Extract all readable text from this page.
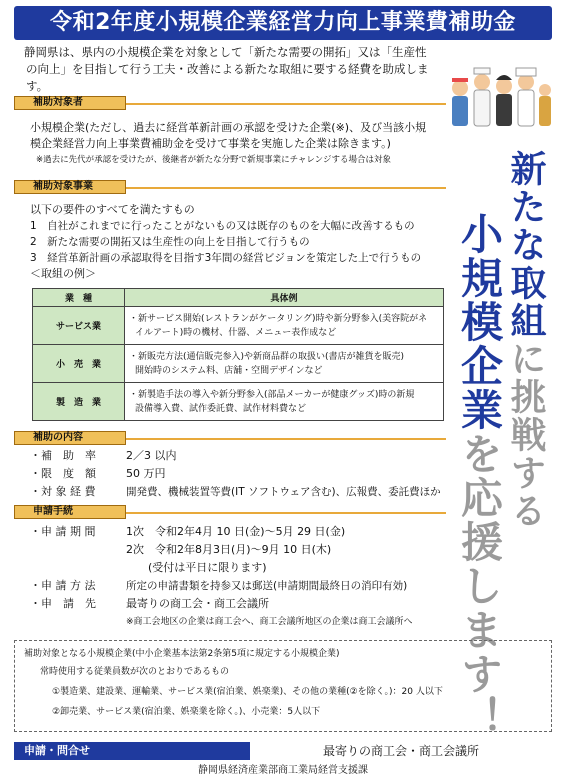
令和2年度小規模企業経営力向上事業費補助金
静岡県は、県内の小規模企業を対象として「新たな需要の開拓」又は「生産性
の向上」を目指して行う工夫・改善による新たな取組に要する経費を助成します。
新たな取組に挑戦する
小規模企業を応援します！
補助対象者
小規模企業(ただし、過去に経営革新計画の承認を受けた企業(※)、及び当該小規
模企業経営力向上事業費補助金を受けて事業を実施した企業は除きます。)
※過去に先代が承認を受けたが、後継者が新たな分野で新規事業にチャレンジする場合は対象
補助対象事業
以下の要件のすべてを満たすもの
1　自社がこれまでに行ったことがないもの又は既存のものを大幅に改善するもの
2　新たな需要の開拓又は生産性の向上を目指して行うもの
3　経営革新計画の承認取得を目指す3年間の経営ビジョンを策定した上で行うもの
＜取組の例＞
業　種	具体例
サービス業	・新サービス開始(レストランがケータリング)時や新分野参入(美容院がネ
イルアート)時の機材、什器、メニュー表作成など

小　売　業	・新販売方法(通信販売参入)や新商品群の取扱い(書店が雑貨を販売)
開始時のシステム料、店舗・空間デザインなど

製　造　業	・新製造手法の導入や新分野参入(部品メーカーが健康グッズ)時の新規
設備導入費、試作委託費、試作材料費など
補助の内容
・補　助　率	2／3 以内
・限　度　額	50 万円
・対 象 経 費	開発費、機械装置等費(IT ソフトウェア含む)、広報費、委託費ほか
申請手続
・申 請 期 間	1次　令和2年4月 10 日(金)～5月 29 日(金)
2次　令和2年8月3日(月)～9月 10 日(木)
(受付は平日に限ります)
・申 請 方 法	所定の申請書類を持参又は郵送(申請期間最終日の消印有効)
・申　請　先	最寄りの商工会・商工会議所
※商工会地区の企業は商工会へ、商工会議所地区の企業は商工会議所へ
補助対象となる小規模企業(中小企業基本法第2条第5項に規定する小規模企業)
常時使用する従業員数が次のとおりであるもの
①製造業、建設業、運輸業、サービス業(宿泊業、娯楽業)、その他の業種(②を除く。)：20 人以下
②卸売業、サービス業(宿泊業、娯楽業を除く。)、小売業：5人以下
申請・問合せ	最寄りの商工会・商工会議所
静岡県経済産業部商工業局経営支援課
